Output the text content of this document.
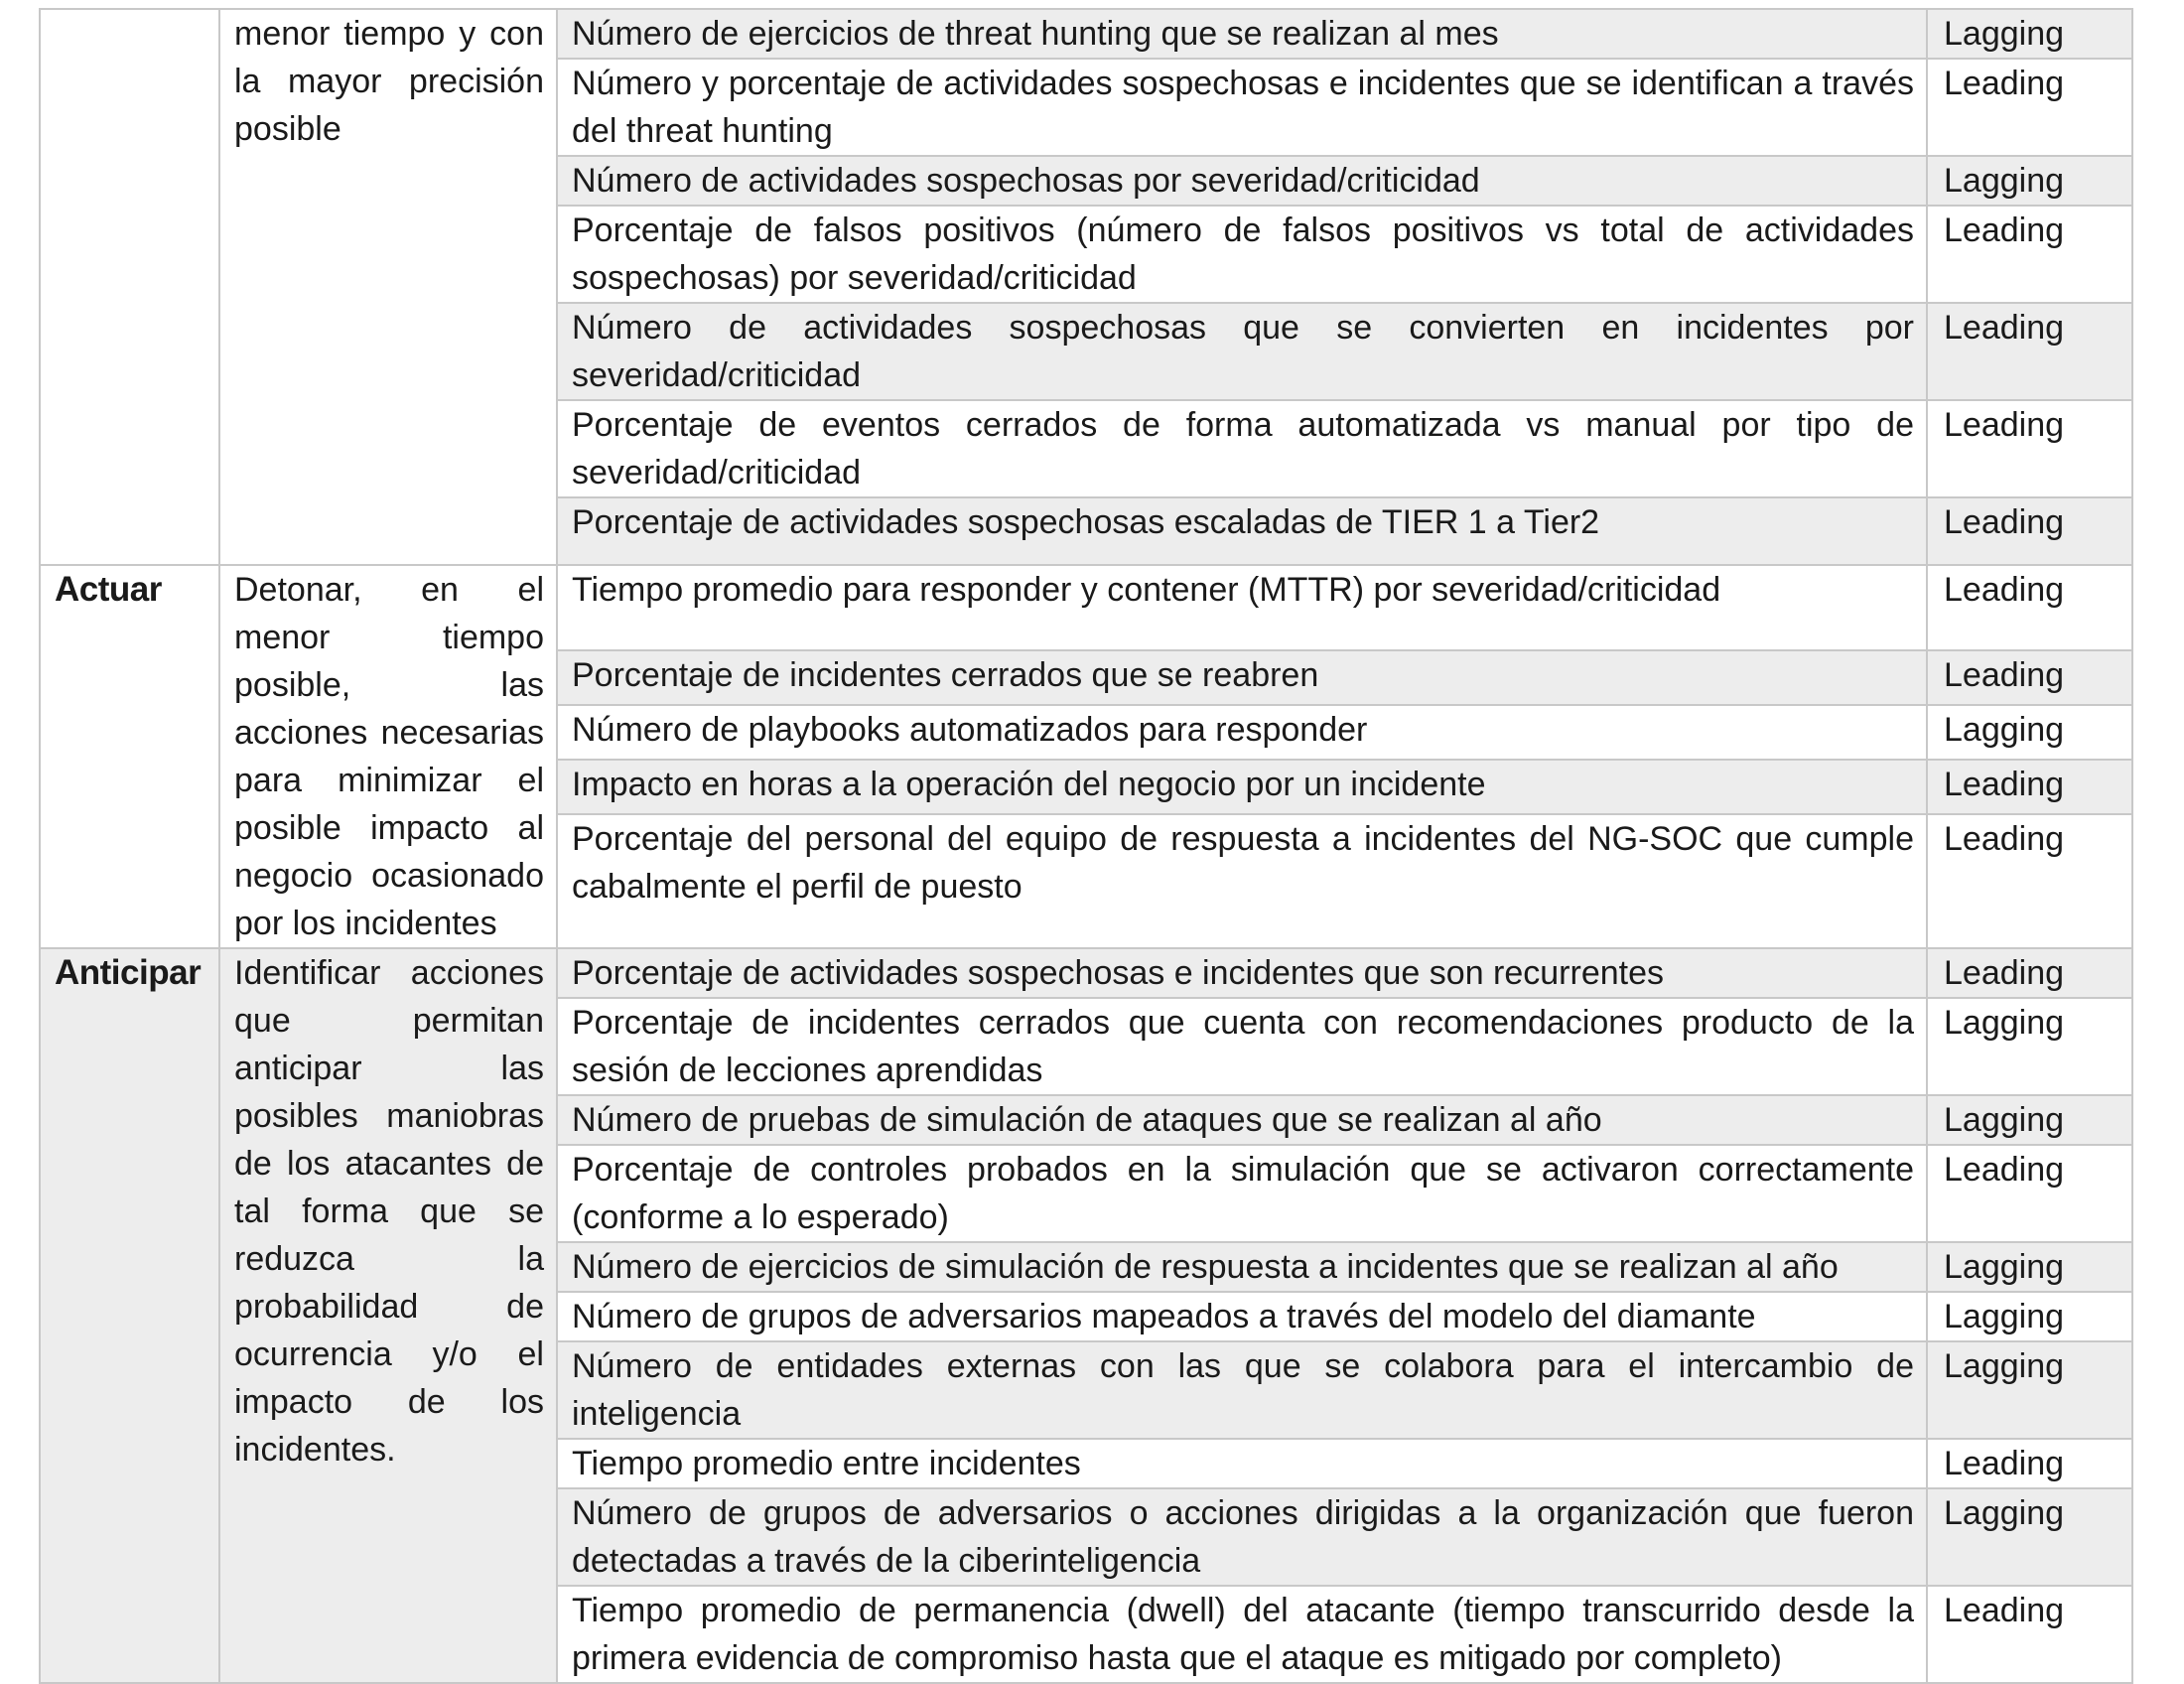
	menor tiempo y con la mayor precisión posible	Número de ejercicios de threat hunting que se realizan al mes	Lagging
		Número y porcentaje de actividades sospechosas e incidentes que se identifican a través del threat hunting	Leading
		Número de actividades sospechosas por severidad/criticidad	Lagging
		Porcentaje de falsos positivos (número de falsos positivos vs total de actividades sospechosas) por severidad/criticidad	Leading
		Número de actividades sospechosas que se convierten en incidentes por severidad/criticidad	Leading
		Porcentaje de eventos cerrados de forma automatizada vs manual por tipo de severidad/criticidad	Leading
		Porcentaje de actividades sospechosas escaladas de TIER 1 a Tier2	Leading
Actuar	Detonar, en el menor tiempo posible, las acciones necesarias para minimizar el posible impacto al negocio ocasionado por los incidentes	Tiempo promedio para responder y contener (MTTR) por severidad/criticidad	Leading
		Porcentaje de incidentes cerrados que se reabren	Leading
		Número de playbooks automatizados para responder	Lagging
		Impacto en horas a la operación del negocio por un incidente	Leading
		Porcentaje del personal del equipo de respuesta a incidentes del NG-SOC que cumple cabalmente el perfil de puesto	Leading
Anticipar	Identificar acciones que permitan anticipar las posibles maniobras de los atacantes de tal forma que se reduzca la probabilidad de ocurrencia y/o el impacto de los incidentes.	Porcentaje de actividades sospechosas e incidentes que son recurrentes	Leading
		Porcentaje de incidentes cerrados que cuenta con recomendaciones producto de la sesión de lecciones aprendidas	Lagging
		Número de pruebas de simulación de ataques que se realizan al año	Lagging
		Porcentaje de controles probados en la simulación que se activaron correctamente (conforme a lo esperado)	Leading
		Número de ejercicios de simulación de respuesta a incidentes que se realizan al año	Lagging
		Número de grupos de adversarios mapeados a través del modelo del diamante	Lagging
		Número de entidades externas con las que se colabora para el intercambio de inteligencia	Lagging
		Tiempo promedio entre incidentes	Leading
		Número de grupos de adversarios o acciones dirigidas a la organización que fueron detectadas a través de la ciberinteligencia	Lagging
		Tiempo promedio de permanencia (dwell) del atacante (tiempo transcurrido desde la primera evidencia de compromiso hasta que el ataque es mitigado por completo)	Leading
